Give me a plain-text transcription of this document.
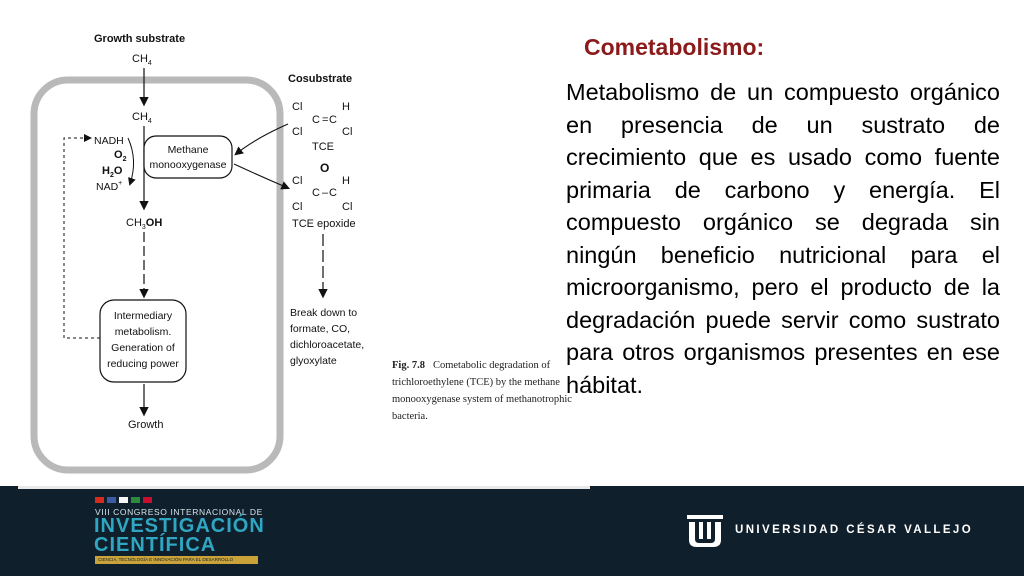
Growth substrate
$CH_4$
$CH_4$
Methane
monooxygenase
NADH
$O_2$
$H_2O$
NAD+
$CH_3OH$
Intermediary
metabolism.
Generation of
reducing power
Growth
Cosubstrate
Cl	H
C = C
Cl	Cl
TCE
O
Cl	H
C – C
Cl	Cl
TCE epoxide
Break down to
formate, CO,
dichloroacetate,
glyoxylate	Fig. 7.8 Cometabolic degradation of trichloroethylene (TCE) by the methane monooxygenase system of methanotrophic bacteria.
Cometabolismo:

Metabolismo de un compuesto orgánico en presencia de un sustrato de crecimiento que es usado como fuente primaria de carbono y energía. El compuesto orgánico se degrada sin ningún beneficio nutricional para el microorganismo, pero el producto de la degradación puede servir como sustrato para otros organismos presentes en ese hábitat.

VIII CONGRESO INTERNACIONAL DE
INVESTIGACIÓN
CIENTÍFICA
CIENCIA, TECNOLOGÍA E INNOVACIÓN PARA EL DESARROLLO
UNIVERSIDAD CÉSAR VALLEJO
